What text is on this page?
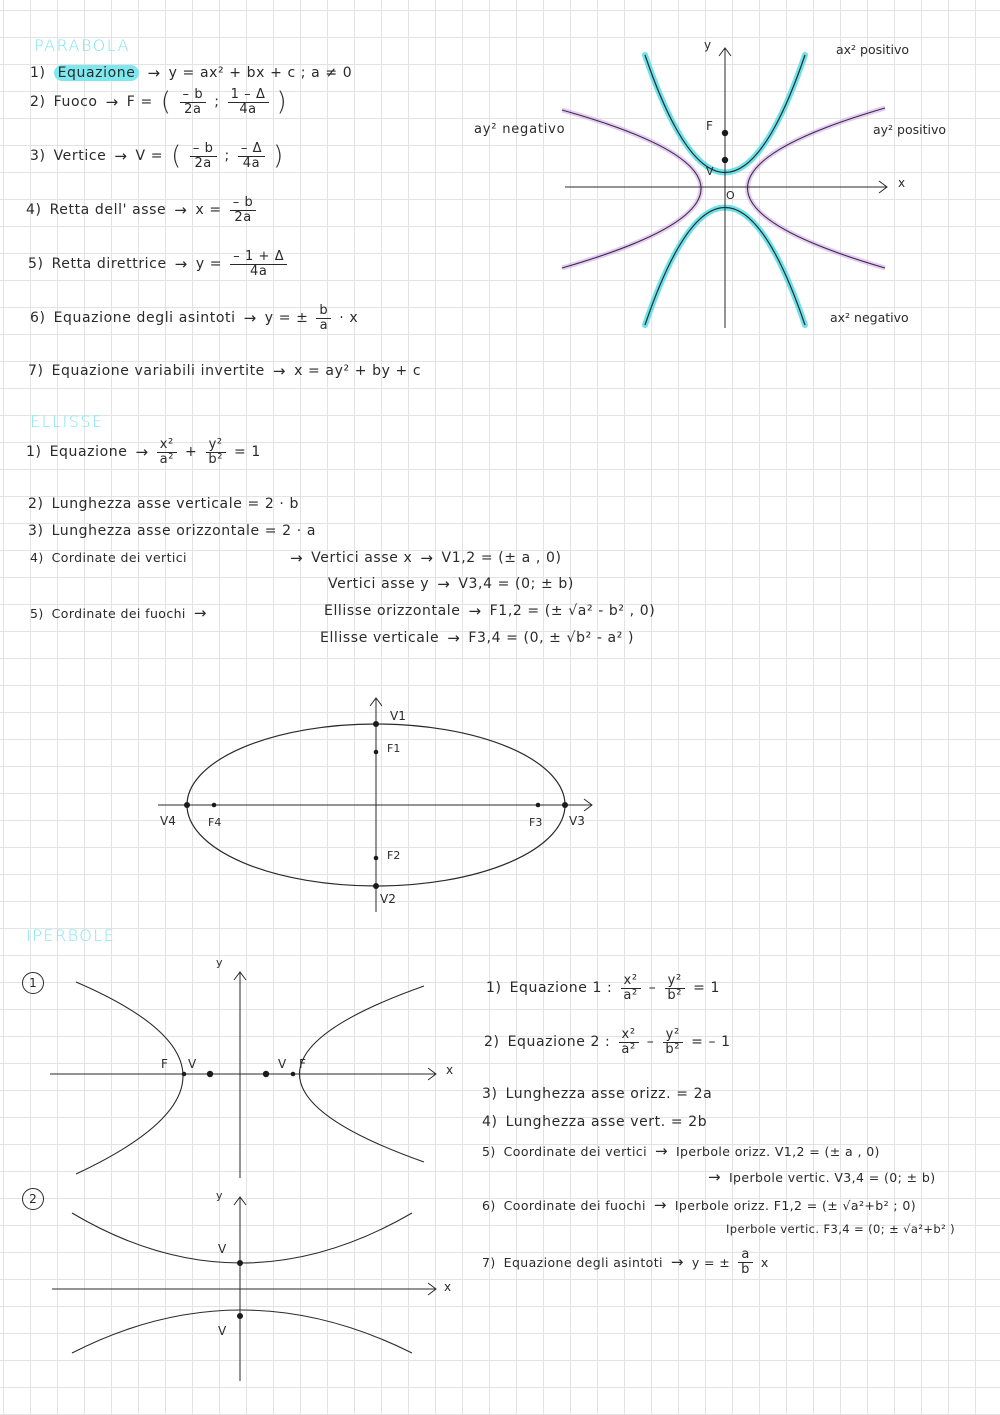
PARABOLA
1) Equazione → y = ax² + bx + c ; a ≠ 0
2) Fuoco → F = ( $\frac{- b}{2a}$ ; $\frac{1 - \Delta}{4a}$ )
3) Vertice → V = ( $\frac{- b}{2a}$ ; $\frac{- \Delta}{4a}$ )
4) Retta dell' asse → $x = \frac{- b}{2a}$
5) Retta direttrice → $y = \frac{- 1 + \Delta}{4a}$
6) Equazione degli asintoti → y = ± $\frac{b}{a} \cdot x$
7) Equazione variabili invertite → x = ay² + by + c
y
x
O
F
V
ax² positivo
ax² negativo
ay² positivo
ay² negativo
ELLISSE
1) Equazione → $\frac{\text{x²}}{\text{a²}} + \frac{\text{y²}}{\text{b²}} = 1$
2) Lunghezza asse verticale = 2 · b
3) Lunghezza asse orizzontale = 2 · a
4) Cordinate dei vertici	→ Vertici asse x → V1,2 = (± a , 0)
Vertici asse y → V3,4 = (0; ± b)
5) Cordinate dei fuochi →	Ellisse orizzontale → F1,2 = (± √a² - b² , 0)
Ellisse verticale → F3,4 = (0, ± √b² - a² )
V1
V2
V3
V4
F1
F2
F3
F4
IPERBOLE
1
y
x
F V	V F
2	y
x
V
V
1) Equazione 1 : $\frac{\text{x²}}{\text{a²}} - \frac{\text{y²}}{\text{b²}} = 1$
2) Equazione 2 : $\frac{\text{x²}}{\text{a²}} - \frac{\text{y²}}{\text{b²}}$ = – 1
3) Lunghezza asse orizz. = 2a
4) Lunghezza asse vert. = 2b
5) Coordinate dei vertici → Iperbole orizz. V1,2 = (± a , 0)
→ Iperbole vertic. V3,4 = (0; ± b)
6) Coordinate dei fuochi → Iperbole orizz. F1,2 = (± √a²+b² ; 0)
Iperbole vertic. F3,4 = (0; ± √a²+b² )
7) Equazione degli asintoti → y = ± $\frac{a}{b}$ x
